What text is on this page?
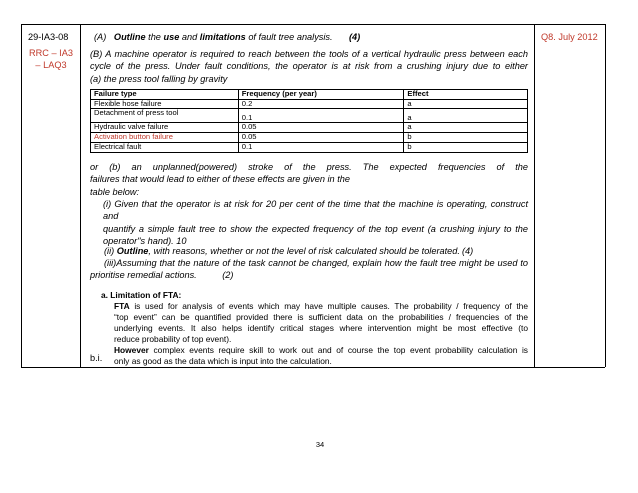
29-IA3-08
RRC – IA3
– LAQ3
Q8. July 2012
(A) Outline the use and limitations of fault tree analysis. (4)
(B) A machine operator is required to reach between the tools of a vertical hydraulic press between each
cycle of the press. Under fault conditions, the operator is at risk from a crushing injury due to either
(a) the press tool falling by gravity
Failure type	Frequency (per year)	Effect
Flexible hose failure	0.2	a
Detachment of press tool	0.1	a
Hydraulic valve failure	0.05	a
Activation button failure	0.05	b
Electrical fault	0.1	b
or (b) an unplanned(powered) stroke of the press. The expected frequencies of the
failures that would lead to either of these effects are given in the
table below:
(i) Given that the operator is at risk for 20 per cent of the time that the machine is operating, construct and
quantify a simple fault tree to show the expected frequency of the top event (a crushing injury to the
operator"s hand). 10
(ii) Outline, with reasons, whether or not the level of risk calculated should be tolerated. (4)
(iii)Assuming that the nature of the task cannot be changed, explain how the fault tree might be used to
prioritise remedial actions.          (2)
a. Limitation of FTA:
FTA is used for analysis of events which may have multiple causes. The probability / frequency of the
“top event” can be quantified provided there is sufficient data on the probabilities / frequencies of the
underlying events. It also helps identify critical stages where intervention might be most effective (to
reduce probability of top event).
However complex events require skill to work out and of course the top event probability calculation is
only as good as the data which is input into the calculation.
b.i.
34
